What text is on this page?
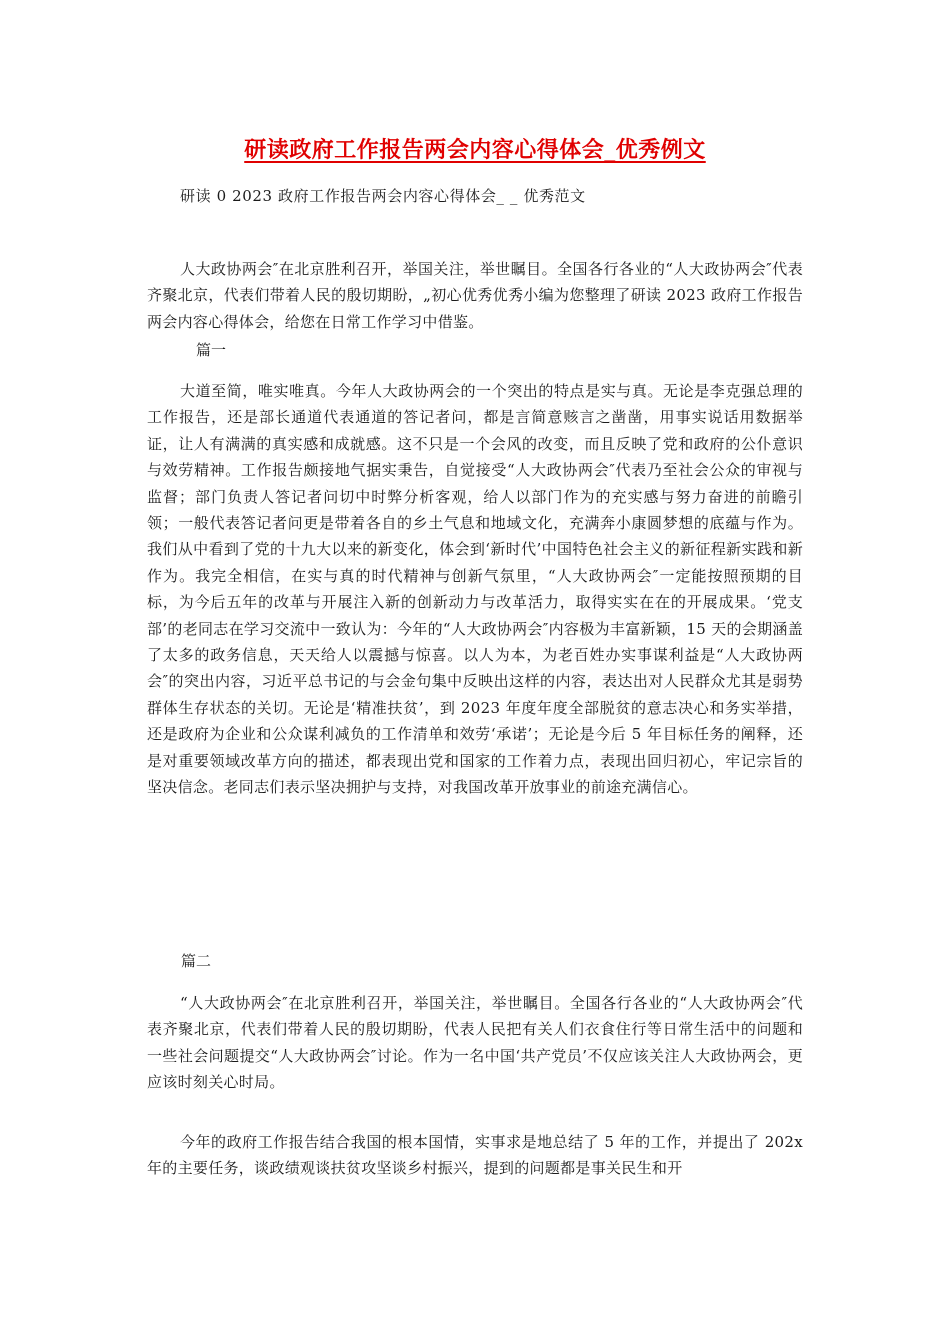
研读政府工作报告两会内容心得体会_优秀例文
研读 0 2023 政府工作报告两会内容心得体会_ _ 优秀范文

人大政协两会″在北京胜利召开，举国关注，举世瞩目。全国各行各业的“人大政协两会″代表齐聚北京，代表们带着人民的殷切期盼，„初心优秀优秀小编为您整理了研读 2023 政府工作报告两会内容心得体会，给您在日常工作学习中借鉴。

篇一

大道至简，唯实唯真。今年人大政协两会的一个突出的特点是实与真。无论是李克强总理的工作报告，还是部长通道代表通道的答记者问，都是言简意赅言之凿凿，用事实说话用数据举证，让人有满满的真实感和成就感。这不只是一个会风的改变，而且反映了党和政府的公仆意识与效劳精神。工作报告颇接地气据实秉告，自觉接受“人大政协两会″代表乃至社会公众的审视与监督；部门负责人答记者问切中时弊分析客观，给人以部门作为的充实感与努力奋进的前瞻引领；一般代表答记者问更是带着各自的乡土气息和地域文化，充满奔小康圆梦想的底蕴与作为。我们从中看到了党的十九大以来的新变化，体会到‘新时代’中国特色社会主义的新征程新实践和新作为。我完全相信，在实与真的时代精神与创新气氛里，“人大政协两会″一定能按照预期的目标，为今后五年的改革与开展注入新的创新动力与改革活力，取得实实在在的开展成果。‘党支部’的老同志在学习交流中一致认为：今年的“人大政协两会″内容极为丰富新颖，15 天的会期涵盖了太多的政务信息，天天给人以震撼与惊喜。以人为本，为老百姓办实事谋利益是“人大政协两会″的突出内容，习近平总书记的与会金句集中反映出这样的内容，表达出对人民群众尤其是弱势群体生存状态的关切。无论是‘精准扶贫’，到 2023 年度年度全部脱贫的意志决心和务实举措，还是政府为企业和公众谋利减负的工作清单和效劳‘承诺’；无论是今后 5 年目标任务的阐释，还是对重要领域改革方向的描述，都表现出党和国家的工作着力点，表现出回归初心，牢记宗旨的坚决信念。老同志们表示坚决拥护与支持，对我国改革开放事业的前途充满信心。

篇二

“人大政协两会″在北京胜利召开，举国关注，举世瞩目。全国各行各业的“人大政协两会″代表齐聚北京，代表们带着人民的殷切期盼，代表人民把有关人们衣食住行等日常生活中的问题和一些社会问题提交“人大政协两会″讨论。作为一名中国‘共产党员’不仅应该关注人大政协两会，更应该时刻关心时局。

今年的政府工作报告结合我国的根本国情，实事求是地总结了 5 年的工作，并提出了 202x 年的主要任务，谈政绩观谈扶贫攻坚谈乡村振兴，提到的问题都是事关民生和开
